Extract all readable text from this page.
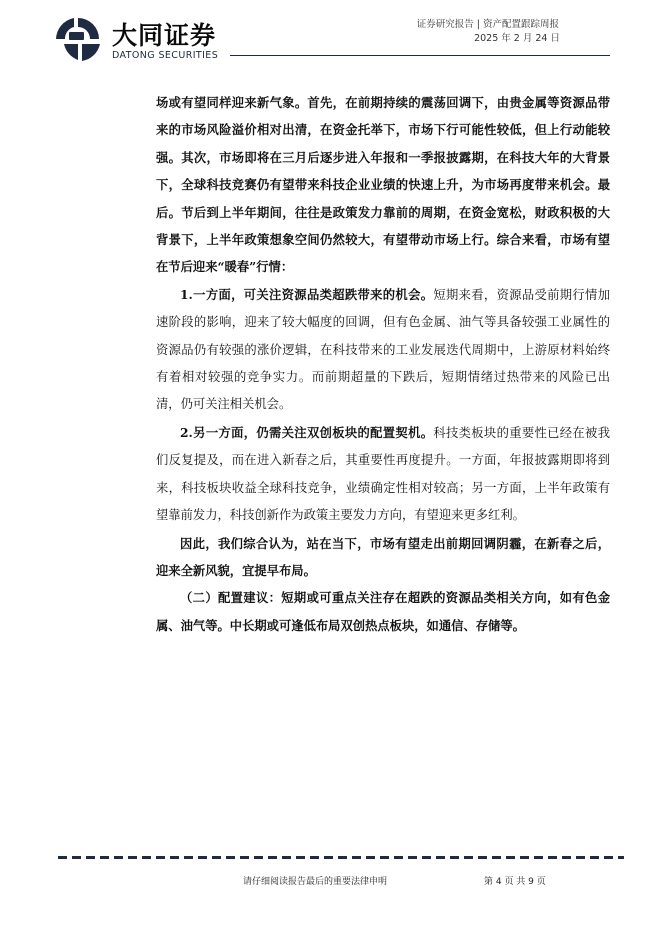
大同证券
DATONG SECURITIES
证券研究报告 | 资产配置跟踪周报
2025 年 2 月 24 日

场或有望同样迎来新气象。首先，在前期持续的震荡回调下，由贵金属等资源品带来的市场风险溢价相对出清，在资金托举下，市场下行可能性较低，但上行动能较强。其次，市场即将在三月后逐步进入年报和一季报披露期，在科技大年的大背景下，全球科技竞赛仍有望带来科技企业业绩的快速上升，为市场再度带来机会。最后。节后到上半年期间，往往是政策发力靠前的周期，在资金宽松，财政积极的大背景下，上半年政策想象空间仍然较大，有望带动市场上行。综合来看，市场有望在节后迎来“暖春”行情：

1.一方面，可关注资源品类超跌带来的机会。短期来看，资源品受前期行情加速阶段的影响，迎来了较大幅度的回调，但有色金属、油气等具备较强工业属性的资源品仍有较强的涨价逻辑，在科技带来的工业发展迭代周期中，上游原材料始终有着相对较强的竞争实力。而前期超量的下跌后，短期情绪过热带来的风险已出清，仍可关注相关机会。

2.另一方面，仍需关注双创板块的配置契机。科技类板块的重要性已经在被我们反复提及，而在进入新春之后，其重要性再度提升。一方面，年报披露期即将到来，科技板块收益全球科技竞争，业绩确定性相对较高；另一方面，上半年政策有望靠前发力，科技创新作为政策主要发力方向，有望迎来更多红利。

因此，我们综合认为，站在当下，市场有望走出前期回调阴霾，在新春之后，迎来全新风貌，宜提早布局。

（二）配置建议：短期或可重点关注存在超跌的资源品类相关方向，如有色金属、油气等。中长期或可逢低布局双创热点板块，如通信、存储等。

请仔细阅读报告最后的重要法律申明	第 4 页 共 9 页
